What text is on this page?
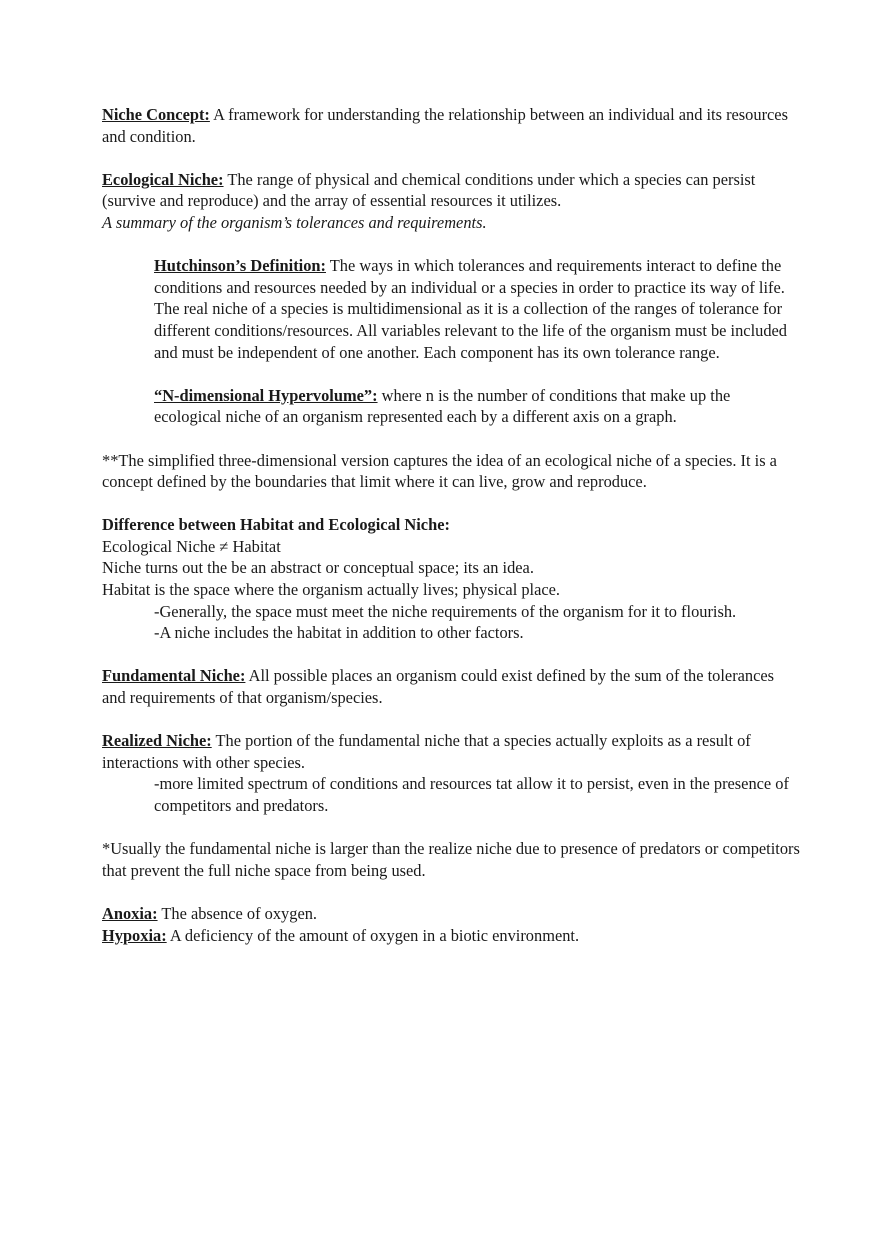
Niche Concept: A framework for understanding the relationship between an individual and its resources and condition.

Ecological Niche: The range of physical and chemical conditions under which a species can persist (survive and reproduce) and the array of essential resources it utilizes.

A summary of the organism’s tolerances and requirements.

Hutchinson’s Definition: The ways in which tolerances and requirements interact to define the conditions and resources needed by an individual or a species in order to practice its way of life. The real niche of a species is multidimensional as it is a collection of the ranges of tolerance for different conditions/resources. All variables relevant to the life of the organism must be included and must be independent of one another. Each component has its own tolerance range.

“N-dimensional Hypervolume”: where n is the number of conditions that make up the ecological niche of an organism represented each by a different axis on a graph.

**The simplified three-dimensional version captures the idea of an ecological niche of a species. It is a concept defined by the boundaries that limit where it can live, grow and reproduce.

Difference between Habitat and Ecological Niche:

Ecological Niche ≠ Habitat

Niche turns out the be an abstract or conceptual space; its an idea.

Habitat is the space where the organism actually lives; physical place.

-Generally, the space must meet the niche requirements of the organism for it to flourish.

-A niche includes the habitat in addition to other factors.

Fundamental Niche: All possible places an organism could exist defined by the sum of the tolerances and requirements of that organism/species.

Realized Niche: The portion of the fundamental niche that a species actually exploits as a result of interactions with other species.

-more limited spectrum of conditions and resources tat allow it to persist, even in the presence of competitors and predators.

*Usually the fundamental niche is larger than the realize niche due to presence of predators or competitors that prevent the full niche space from being used.

Anoxia: The absence of oxygen.

Hypoxia: A deficiency of the amount of oxygen in a biotic environment.
